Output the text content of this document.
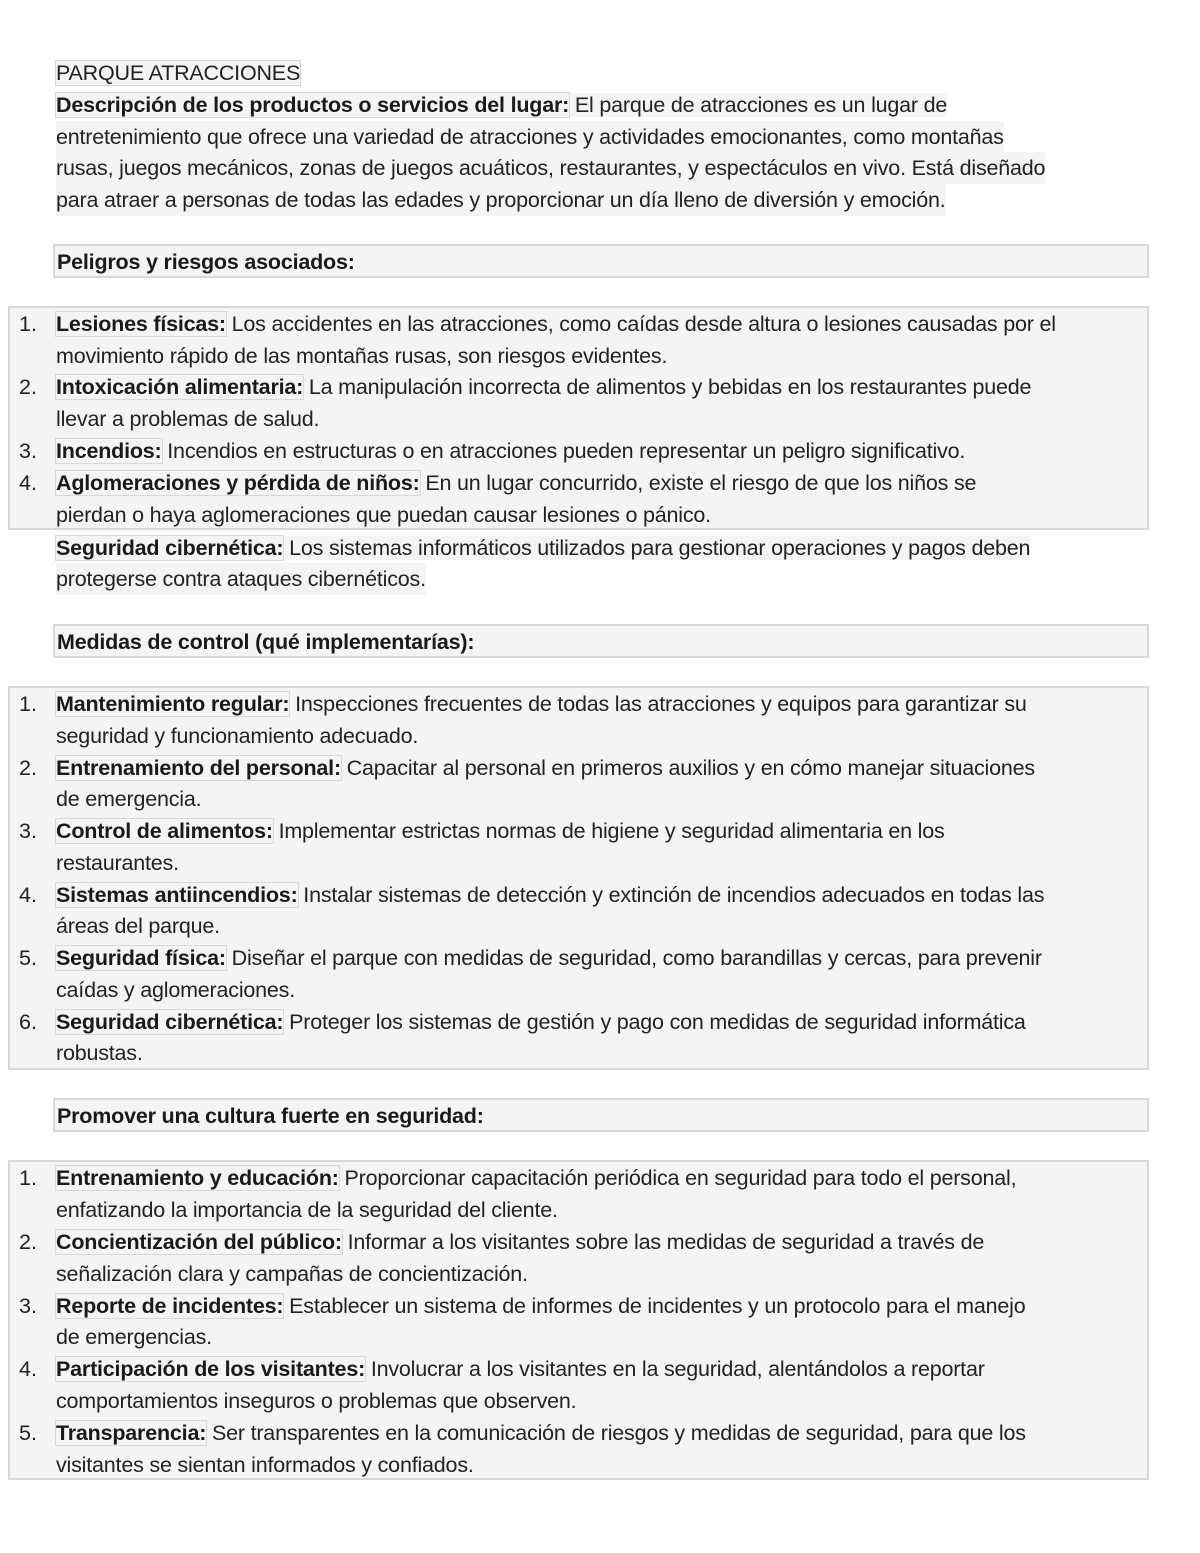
PARQUE ATRACCIONES
Descripción de los productos o servicios del lugar: El parque de atracciones es un lugar de
entretenimiento que ofrece una variedad de atracciones y actividades emocionantes, como montañas
rusas, juegos mecánicos, zonas de juegos acuáticos, restaurantes, y espectáculos en vivo. Está diseñado
para atraer a personas de todas las edades y proporcionar un día lleno de diversión y emoción.
Peligros y riesgos asociados:
1. Lesiones físicas: Los accidentes en las atracciones, como caídas desde altura o lesiones causadas por el
movimiento rápido de las montañas rusas, son riesgos evidentes.
2. Intoxicación alimentaria: La manipulación incorrecta de alimentos y bebidas en los restaurantes puede
llevar a problemas de salud.
3. Incendios: Incendios en estructuras o en atracciones pueden representar un peligro significativo.
4. Aglomeraciones y pérdida de niños: En un lugar concurrido, existe el riesgo de que los niños se
pierdan o haya aglomeraciones que puedan causar lesiones o pánico.
Seguridad cibernética: Los sistemas informáticos utilizados para gestionar operaciones y pagos deben
protegerse contra ataques cibernéticos.
Medidas de control (qué implementarías):
1. Mantenimiento regular: Inspecciones frecuentes de todas las atracciones y equipos para garantizar su
seguridad y funcionamiento adecuado.
2. Entrenamiento del personal: Capacitar al personal en primeros auxilios y en cómo manejar situaciones
de emergencia.
3. Control de alimentos: Implementar estrictas normas de higiene y seguridad alimentaria en los
restaurantes.
4. Sistemas antiincendios: Instalar sistemas de detección y extinción de incendios adecuados en todas las
áreas del parque.
5. Seguridad física: Diseñar el parque con medidas de seguridad, como barandillas y cercas, para prevenir
caídas y aglomeraciones.
6. Seguridad cibernética: Proteger los sistemas de gestión y pago con medidas de seguridad informática
robustas.
Promover una cultura fuerte en seguridad:
1. Entrenamiento y educación: Proporcionar capacitación periódica en seguridad para todo el personal,
enfatizando la importancia de la seguridad del cliente.
2. Concientización del público: Informar a los visitantes sobre las medidas de seguridad a través de
señalización clara y campañas de concientización.
3. Reporte de incidentes: Establecer un sistema de informes de incidentes y un protocolo para el manejo
de emergencias.
4. Participación de los visitantes: Involucrar a los visitantes en la seguridad, alentándolos a reportar
comportamientos inseguros o problemas que observen.
5. Transparencia: Ser transparentes en la comunicación de riesgos y medidas de seguridad, para que los
visitantes se sientan informados y confiados.
